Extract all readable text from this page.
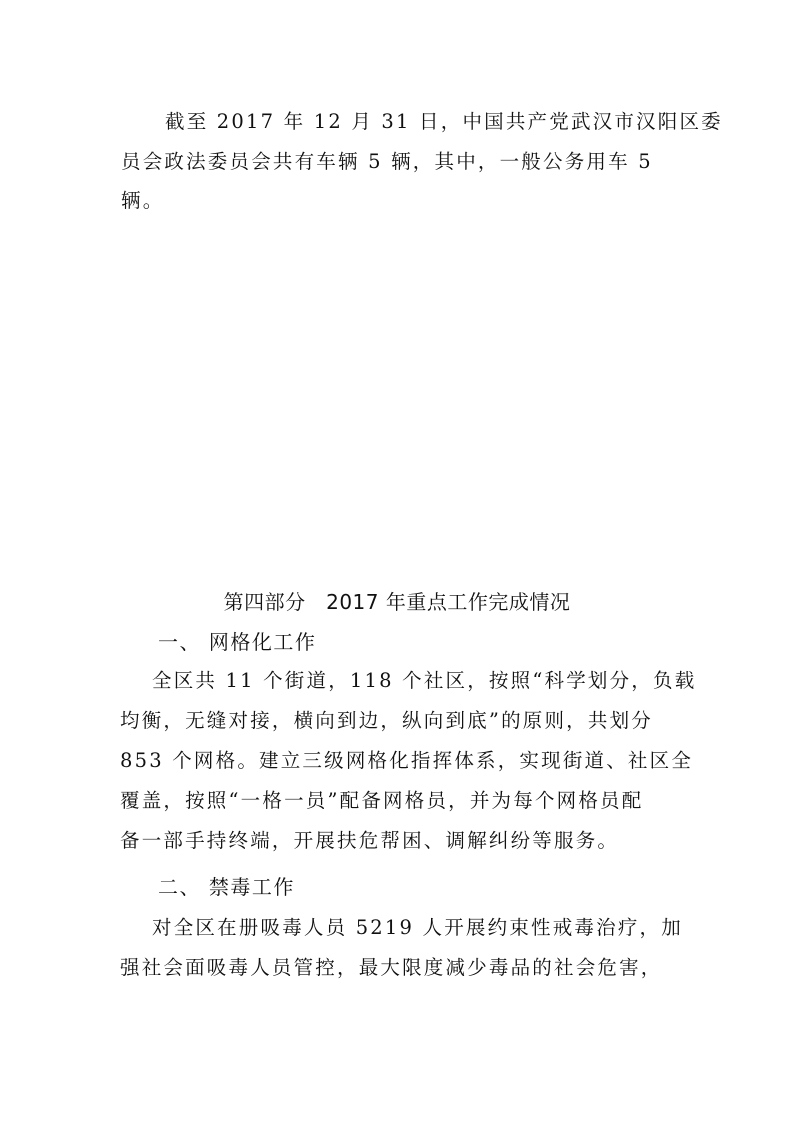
截至 2017 年 12 月 31 日，中国共产党武汉市汉阳区委
员会政法委员会共有车辆 5 辆，其中，一般公务用车 5
辆。
第四部分　2017 年重点工作完成情况
一、 网格化工作
全区共 11 个街道，118 个社区，按照“科学划分，负载
均衡，无缝对接，横向到边，纵向到底”的原则，共划分
853 个网格。建立三级网格化指挥体系，实现街道、社区全
覆盖，按照“一格一员”配备网格员，并为每个网格员配
备一部手持终端，开展扶危帮困、调解纠纷等服务。
二、 禁毒工作
对全区在册吸毒人员 5219 人开展约束性戒毒治疗，加
强社会面吸毒人员管控，最大限度减少毒品的社会危害，
